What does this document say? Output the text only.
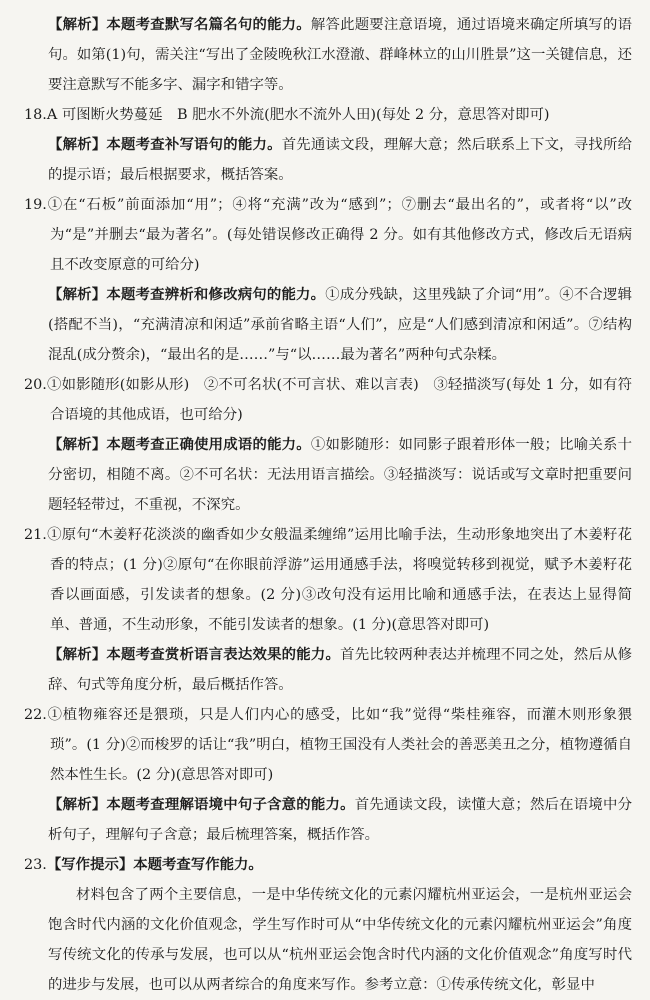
【解析】本题考查默写名篇名句的能力。解答此题要注意语境，通过语境来确定所填写的语句。如第(1)句，需关注“写出了金陵晚秋江水澄澈、群峰林立的山川胜景”这一关键信息，还要注意默写不能多字、漏字和错字等。

18.A 可图断火势蔓延　B 肥水不外流(肥水不流外人田)(每处 2 分，意思答对即可)

【解析】本题考查补写语句的能力。首先通读文段，理解大意；然后联系上下文，寻找所给的提示语；最后根据要求，概括答案。

19.①在“石板”前面添加“用”；④将“充满”改为“感到”；⑦删去“最出名的”，或者将“以”改为“是”并删去“最为著名”。(每处错误修改正确得 2 分。如有其他修改方式，修改后无语病且不改变原意的可给分)

【解析】本题考查辨析和修改病句的能力。①成分残缺，这里残缺了介词“用”。④不合逻辑(搭配不当)，“充满清凉和闲适”承前省略主语“人们”，应是“人们感到清凉和闲适”。⑦结构混乱(成分赘余)，“最出名的是……”与“以……最为著名”两种句式杂糅。

20.①如影随形(如影从形)　②不可名状(不可言状、难以言表)　③轻描淡写(每处 1 分，如有符合语境的其他成语，也可给分)

【解析】本题考查正确使用成语的能力。①如影随形：如同影子跟着形体一般；比喻关系十分密切，相随不离。②不可名状：无法用语言描绘。③轻描淡写：说话或写文章时把重要问题轻轻带过，不重视，不深究。

21.①原句“木姜籽花淡淡的幽香如少女般温柔缠绵”运用比喻手法，生动形象地突出了木姜籽花香的特点；(1 分)②原句“在你眼前浮游”运用通感手法，将嗅觉转移到视觉，赋予木姜籽花香以画面感，引发读者的想象。(2 分)③改句没有运用比喻和通感手法，在表达上显得简单、普通，不生动形象，不能引发读者的想象。(1 分)(意思答对即可)

【解析】本题考查赏析语言表达效果的能力。首先比较两种表达并梳理不同之处，然后从修辞、句式等角度分析，最后概括作答。

22.①植物雍容还是猥琐，只是人们内心的感受，比如“我”觉得“柴桂雍容，而灌木则形象猥琐”。(1 分)②而梭罗的话让“我”明白，植物王国没有人类社会的善恶美丑之分，植物遵循自然本性生长。(2 分)(意思答对即可)

【解析】本题考查理解语境中句子含意的能力。首先通读文段，读懂大意；然后在语境中分析句子，理解句子含意；最后梳理答案，概括作答。

23.【写作提示】本题考查写作能力。

材料包含了两个主要信息，一是中华传统文化的元素闪耀杭州亚运会，一是杭州亚运会饱含时代内涵的文化价值观念，学生写作时可从“中华传统文化的元素闪耀杭州亚运会”角度写传统文化的传承与发展，也可以从“杭州亚运会饱含时代内涵的文化价值观念”角度写时代的进步与发展，也可以从两者综合的角度来写作。参考立意：①传承传统文化，彰显中
